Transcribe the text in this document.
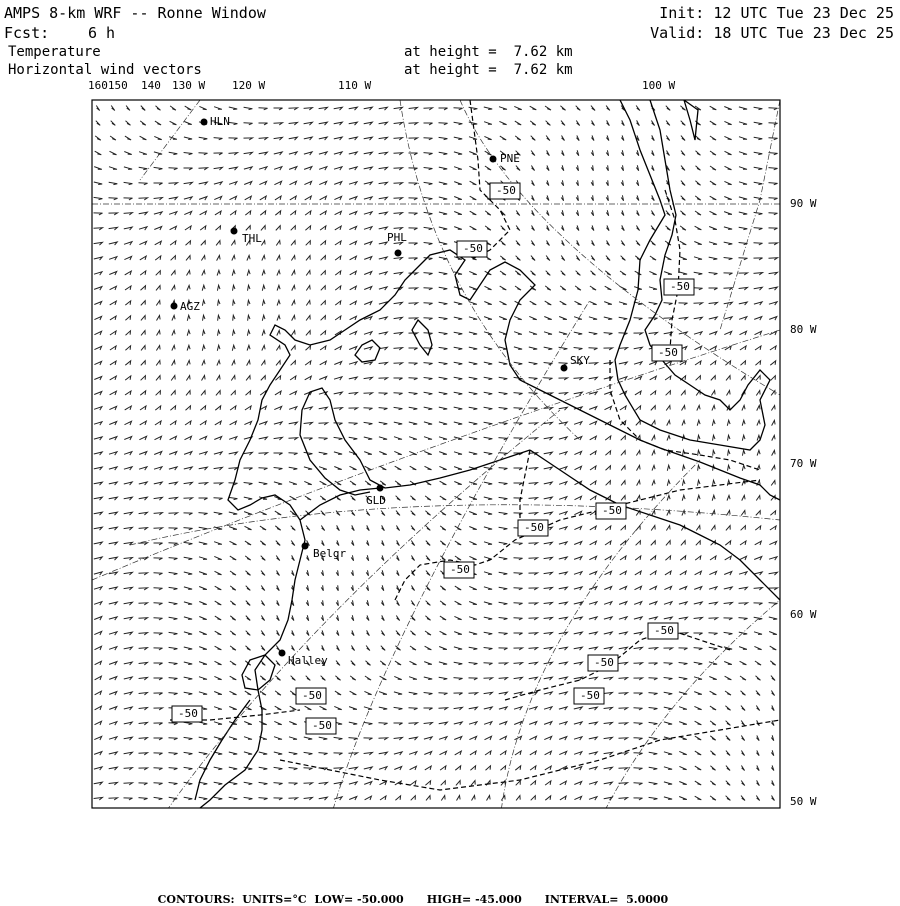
AMPS 8-km WRF -- Ronne Window
Fcst:	6 h
Init: 12 UTC Tue 23 Dec 25
Valid: 18 UTC Tue 23 Dec 25
Temperature	at height =  7.62 km
Horizontal wind vectors	at height =  7.62 km
HLN
PNE
THL	PHL
AGZ
SKY
GLD
Belgr
Halley
-50
-50
-50
-50
-50
-50
-50
-50
-50
-50
-50
-50
-50
160150 140 130 W 120 W	110 W	100 W
90 W
80 W
70 W
60 W
50 W

CONTOURS: UNITS=°C LOW= -50.000 HIGH= -45.000 INTERVAL=  5.0000
